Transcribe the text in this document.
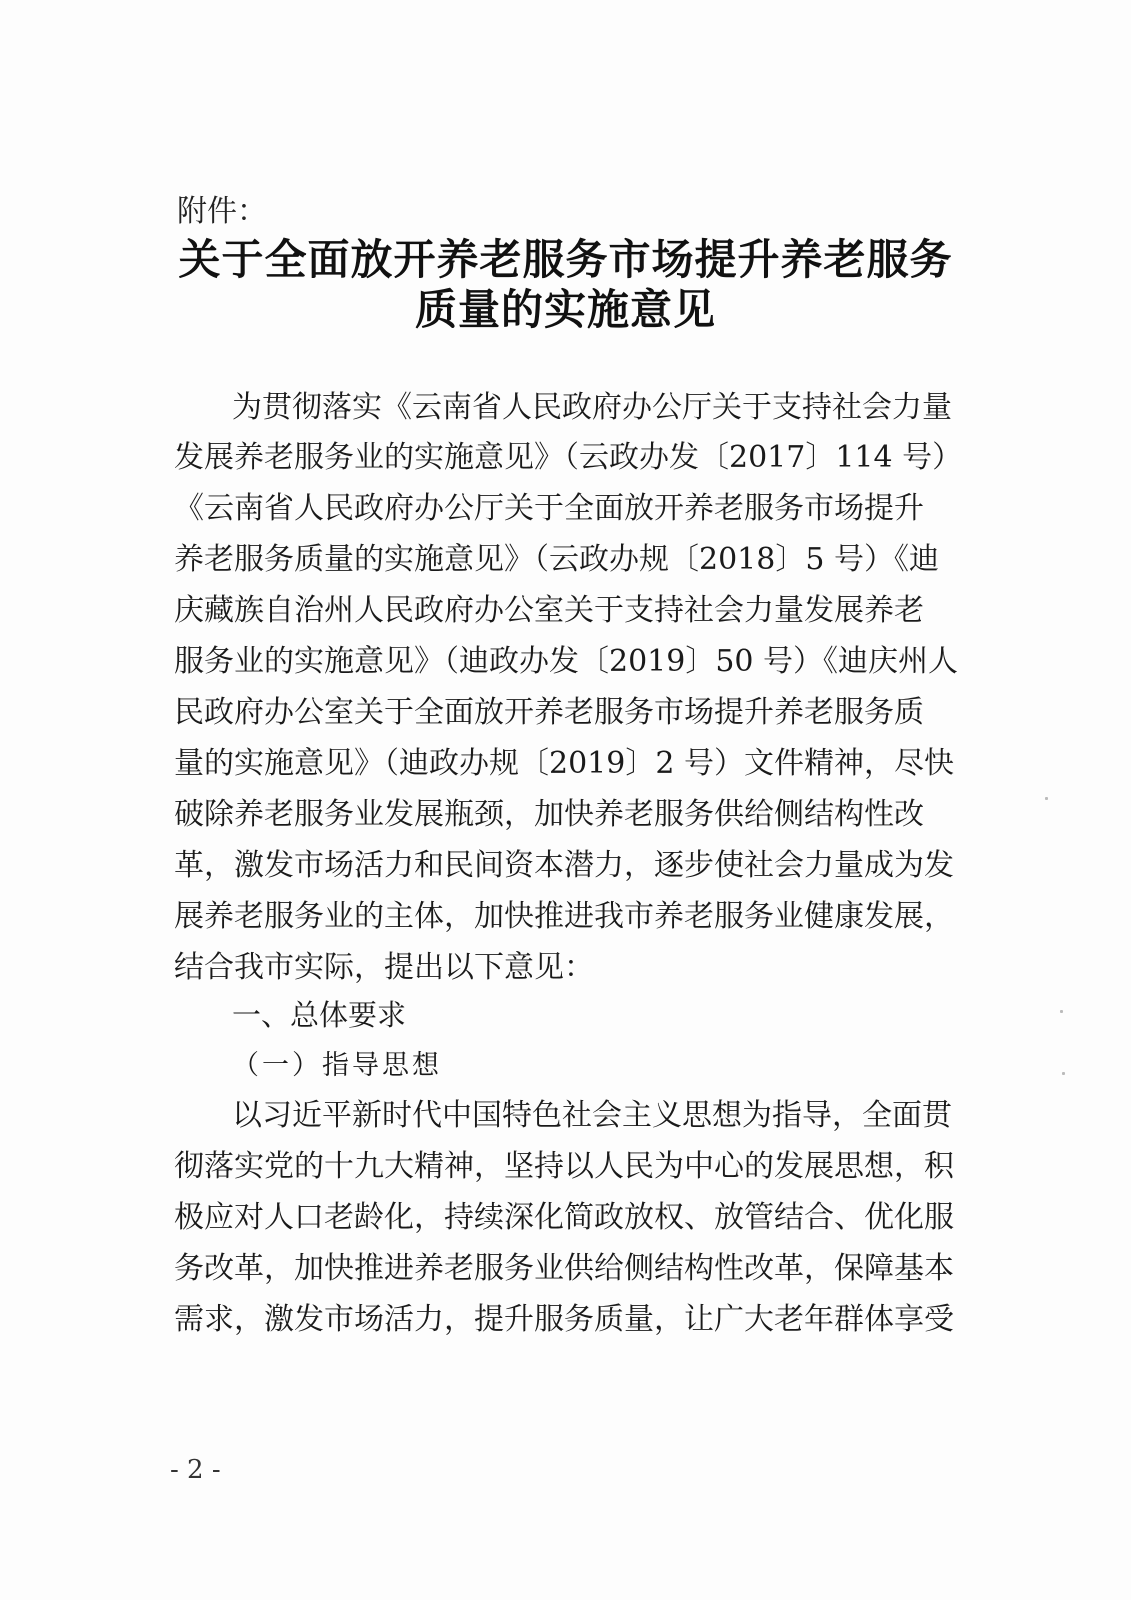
附件：
关于全面放开养老服务市场提升养老服务
质量的实施意见
为贯彻落实《云南省人民政府办公厅关于支持社会力量
发展养老服务业的实施意见》（云政办发〔2017〕114 号）
《云南省人民政府办公厅关于全面放开养老服务市场提升
养老服务质量的实施意见》（云政办规〔2018〕5 号）《迪
庆藏族自治州人民政府办公室关于支持社会力量发展养老
服务业的实施意见》（迪政办发〔2019〕50 号）《迪庆州人
民政府办公室关于全面放开养老服务市场提升养老服务质
量的实施意见》（迪政办规〔2019〕2 号）文件精神，尽快
破除养老服务业发展瓶颈，加快养老服务供给侧结构性改
革，激发市场活力和民间资本潜力，逐步使社会力量成为发
展养老服务业的主体，加快推进我市养老服务业健康发展，
结合我市实际，提出以下意见：
一、总体要求
（一）指导思想
以习近平新时代中国特色社会主义思想为指导，全面贯
彻落实党的十九大精神，坚持以人民为中心的发展思想，积
极应对人口老龄化，持续深化简政放权、放管结合、优化服
务改革，加快推进养老服务业供给侧结构性改革，保障基本
需求，激发市场活力，提升服务质量，让广大老年群体享受
- 2 -
